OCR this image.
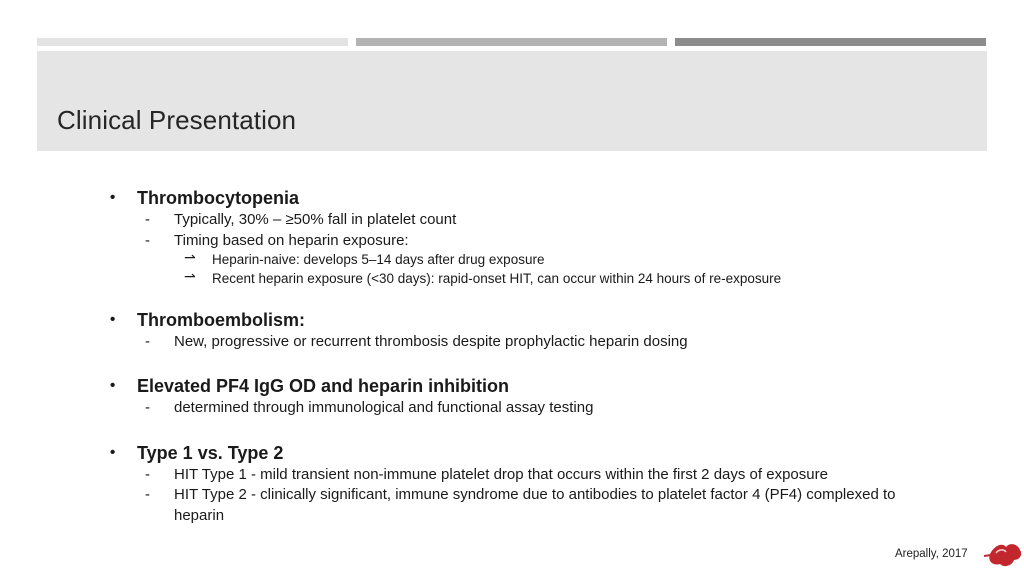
Clinical Presentation
•	Thrombocytopenia
- Typically, 30% – ≥50% fall in platelet count
- Timing based on heparin exposure:
⇀ Heparin-naive: develops 5–14 days after drug exposure
⇀ Recent heparin exposure (<30 days): rapid-onset HIT, can occur within 24 hours of re-exposure
•	Thromboembolism:
- New, progressive or recurrent thrombosis despite prophylactic heparin dosing
•	Elevated PF4 IgG OD and heparin inhibition
- determined through immunological and functional assay testing
•	Type 1 vs. Type 2
- HIT Type 1 - mild transient non-immune platelet drop that occurs within the first 2 days of exposure
- HIT Type 2 - clinically significant, immune syndrome due to antibodies to platelet factor 4 (PF4) complexed to
heparin
Arepally, 2017
